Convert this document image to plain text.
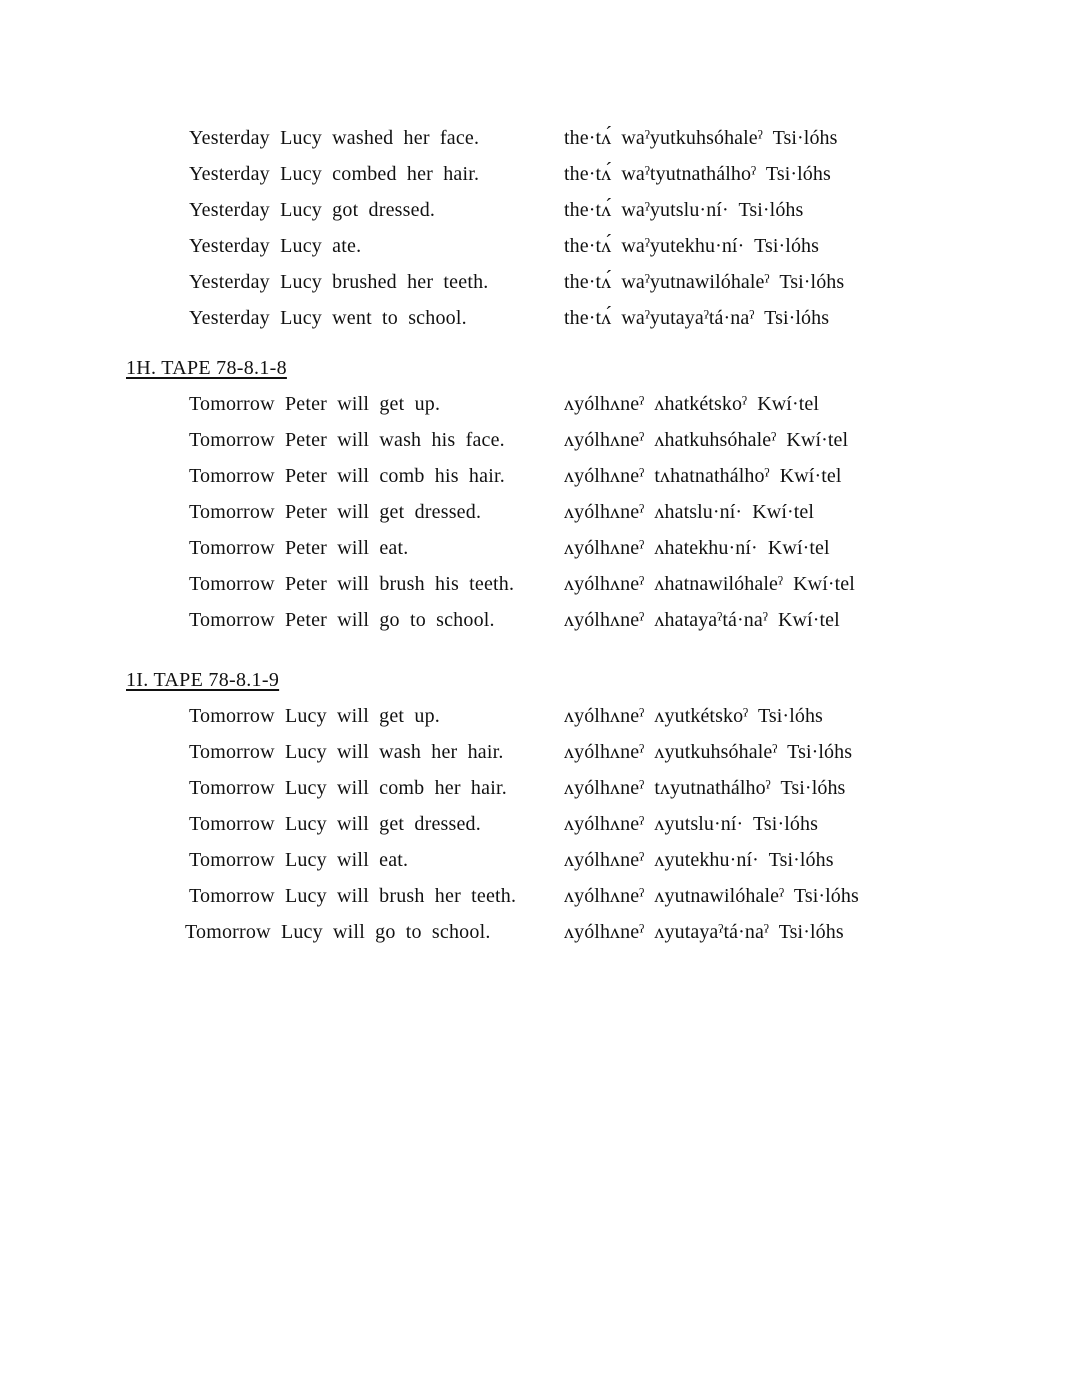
Yesterday Lucy washed her face.	the·tʌ́ waˀyutkuhsóhaleˀ Tsi·lóhs
Yesterday Lucy combed her hair.	the·tʌ́ waˀtyutnathálhoˀ Tsi·lóhs
Yesterday Lucy got dressed.	the·tʌ́ waˀyutslu·ní· Tsi·lóhs
Yesterday Lucy ate.	the·tʌ́ waˀyutekhu·ní· Tsi·lóhs
Yesterday Lucy brushed her teeth.	the·tʌ́ waˀyutnawilóhaleˀ Tsi·lóhs
Yesterday Lucy went to school.	the·tʌ́ waˀyutayaˀtá·naˀ Tsi·lóhs
1H. TAPE 78-8.1-8
Tomorrow Peter will get up.	ʌyólhʌneˀ ʌhatkétskoˀ Kwí·tel
Tomorrow Peter will wash his face.	ʌyólhʌneˀ ʌhatkuhsóhaleˀ Kwí·tel
Tomorrow Peter will comb his hair.	ʌyólhʌneˀ tʌhatnathálhoˀ Kwí·tel
Tomorrow Peter will get dressed.	ʌyólhʌneˀ ʌhatslu·ní· Kwí·tel
Tomorrow Peter will eat.	ʌyólhʌneˀ ʌhatekhu·ní· Kwí·tel
Tomorrow Peter will brush his teeth. ʌyólhʌneˀ ʌhatnawilóhaleˀ Kwí·tel
Tomorrow Peter will go to school.	ʌyólhʌneˀ ʌhatayaˀtá·naˀ Kwí·tel
1I. TAPE 78-8.1-9
Tomorrow Lucy will get up.	ʌyólhʌneˀ ʌyutkétskoˀ Tsi·lóhs
Tomorrow Lucy will wash her hair.	ʌyólhʌneˀ ʌyutkuhsóhaleˀ Tsi·lóhs
Tomorrow Lucy will comb her hair.	ʌyólhʌneˀ tʌyutnathálhoˀ Tsi·lóhs
Tomorrow Lucy will get dressed.	ʌyólhʌneˀ ʌyutslu·ní· Tsi·lóhs
Tomorrow Lucy will eat.	ʌyólhʌneˀ ʌyutekhu·ní· Tsi·lóhs
Tomorrow Lucy will brush her teeth. ʌyólhʌneˀ ʌyutnawilóhaleˀ Tsi·lóhs
Tomorrow Lucy will go to school.	ʌyólhʌneˀ ʌyutayaˀtá·naˀ Tsi·lóhs
